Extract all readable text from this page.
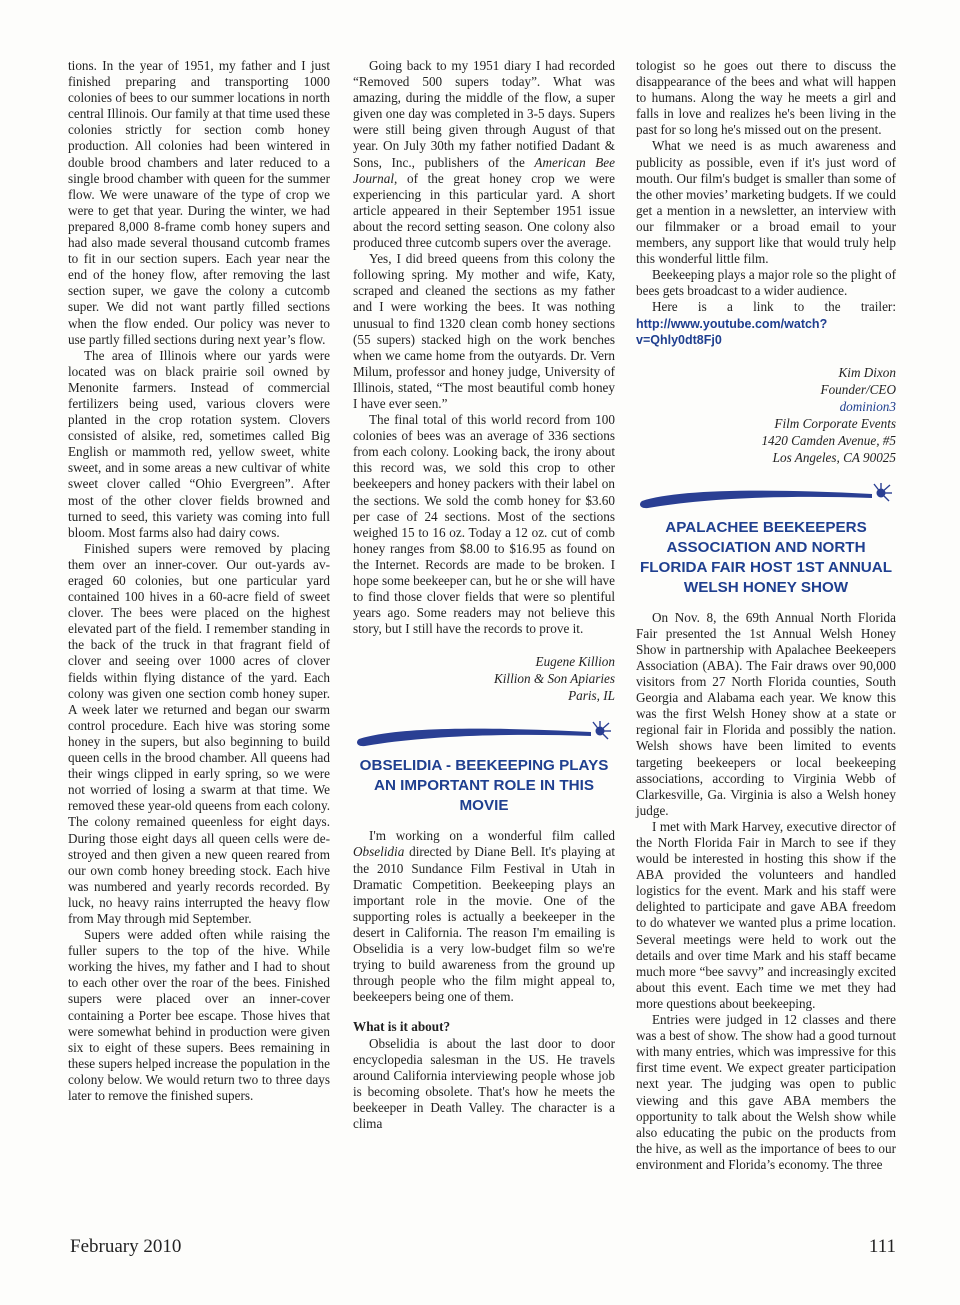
tions. In the year of 1951, my father and I just finished preparing and transporting 1000 colonies of bees to our summer locations in north central Illinois. Our family at that time used these colonies strictly for section comb honey production. All colonies had been wintered in double brood chambers and later reduced to a single brood chamber with queen for the summer flow. We were unaware of the type of crop we were to get that year. During the winter, we had prepared 8,000 8-frame comb honey supers and had also made several thousand cutcomb frames to fit in our section supers. Each year near the end of the honey flow, after removing the last section super, we gave the colony a cutcomb super. We did not want partly filled sections when the flow ended. Our policy was never to use partly filled sections during next year’s flow.

The area of Illinois where our yards were located was on black prairie soil owned by Menonite farmers. Instead of commercial fertilizers being used, various clovers were planted in the crop rotation system. Clovers consisted of alsike, red, sometimes called Big English or mammoth red, yellow sweet, white sweet, and in some areas a new cultivar of white sweet clover called “Ohio Evergreen”. After most of the other clover fields browned and turned to seed, this variety was coming into full bloom. Most farms also had dairy cows.

Finished supers were removed by placing them over an inner-cover. Our out-yards averaged 60 colonies, but one particular yard contained 100 hives in a 60-acre field of sweet clover. The bees were placed on the highest elevated part of the field. I remember standing in the back of the truck in that fragrant field of clover and seeing over 1000 acres of clover fields within flying distance of the yard. Each colony was given one section comb honey super. A week later we returned and began our swarm control procedure. Each hive was storing some honey in the supers, but also beginning to build queen cells in the brood chamber. All queens had their wings clipped in early spring, so we were not worried of losing a swarm at that time. We removed these year-old queens from each colony. The colony remained queenless for eight days. During those eight days all queen cells were destroyed and then given a new queen reared from our own comb honey breeding stock. Each hive was numbered and yearly records recorded. By luck, no heavy rains interrupted the heavy flow from May through mid September.

Supers were added often while raising the fuller supers to the top of the hive. While working the hives, my father and I had to shout to each other over the roar of the bees. Finished supers were placed over an inner-cover containing a Porter bee escape. Those hives that were somewhat behind in production were given six to eight of these supers. Bees remaining in these supers helped increase the population in the colony below. We would return two to three days later to remove the finished supers.

Going back to my 1951 diary I had recorded “Removed 500 supers today”. What was amazing, during the middle of the flow, a super given one day was completed in 3-5 days. Supers were still being given through August of that year. On July 30th my father notified Dadant & Sons, Inc., publishers of the American Bee Journal, of the great honey crop we were experiencing in this particular yard. A short article appeared in their September 1951 issue about the record setting season. One colony also produced three cutcomb supers over the average.

Yes, I did breed queens from this colony the following spring. My mother and wife, Katy, scraped and cleaned the sections as my father and I were working the bees. It was nothing unusual to find 1320 clean comb honey sections (55 supers) stacked high on the work benches when we came home from the outyards. Dr. Vern Milum, professor and honey judge, University of Illinois, stated, “The most beautiful comb honey I have ever seen.”

The final total of this world record from 100 colonies of bees was an average of 336 sections from each colony. Looking back, the irony about this record was, we sold this crop to other beekeepers and honey packers with their label on the sections. We sold the comb honey for $3.60 per case of 24 sections. Most of the sections weighed 15 to 16 oz. Today a 12 oz. cut of comb honey ranges from $8.00 to $16.95 as found on the Internet. Records are made to be broken. I hope some beekeeper can, but he or she will have to find those clover fields that were so plentiful years ago. Some readers may not believe this story, but I still have the records to prove it.

Eugene Killion
Killion & Son Apiaries
Paris, IL
OBSELIDIA - BEEKEEPING PLAYS AN IMPORTANT ROLE IN THIS MOVIE

I'm working on a wonderful film called Obselidia directed by Diane Bell. It's playing at the 2010 Sundance Film Festival in Utah in Dramatic Competition. Beekeeping plays an important role in the movie. One of the supporting roles is actually a beekeeper in the desert in California. The reason I'm emailing is Obselidia is a very low-budget film so we're trying to build awareness from the ground up through people who the film might appeal to, beekeepers being one of them.

What is it about?

Obselidia is about the last door to door encyclopedia salesman in the US. He travels around California interviewing people whose job is becoming obsolete. That's how he meets the beekeeper in Death Valley. The character is a clima

tologist so he goes out there to discuss the disappearance of the bees and what will happen to humans. Along the way he meets a girl and falls in love and realizes he's been living in the past for so long he's missed out on the present.

What we need is as much awareness and publicity as possible, even if it's just word of mouth. Our film's budget is smaller than some of the other movies’ marketing budgets. If we could get a mention in a newsletter, an interview with our filmmaker or a broad email to your members, any support like that would truly help this wonderful little film.

Beekeeping plays a major role so the plight of bees gets broadcast to a wider audience.

Here is a link to the trailer: http://www.youtube.com/watch?v=Qhly0dt8Fj0

Kim Dixon
Founder/CEO
dominion3
Film Corporate Events
1420 Camden Avenue, #5
Los Angeles, CA 90025
APALACHEE BEEKEEPERS ASSOCIATION AND NORTH FLORIDA FAIR HOST 1ST ANNUAL WELSH HONEY SHOW

On Nov. 8, the 69th Annual North Florida Fair presented the 1st Annual Welsh Honey Show in partnership with Apalachee Beekeepers Association (ABA). The Fair draws over 90,000 visitors from 27 North Florida counties, South Georgia and Alabama each year. We know this was the first Welsh Honey show at a state or regional fair in Florida and possibly the nation. Welsh shows have been limited to events targeting beekeepers or local beekeeping associations, according to Virginia Webb of Clarkesville, Ga. Virginia is also a Welsh honey judge.

I met with Mark Harvey, executive director of the North Florida Fair in March to see if they would be interested in hosting this show if the ABA provided the volunteers and handled logistics for the event. Mark and his staff were delighted to participate and gave ABA freedom to do whatever we wanted plus a prime location. Several meetings were held to work out the details and over time Mark and his staff became much more “bee savvy” and increasingly excited about this event. Each time we met they had more questions about beekeeping.

Entries were judged in 12 classes and there was a best of show. The show had a good turnout with many entries, which was impressive for this first time event. We expect greater participation next year. The judging was open to public viewing and this gave ABA members the opportunity to talk about the Welsh show while also educating the pubic on the products from the hive, as well as the importance of bees to our environment and Florida’s economy. The three

February 2010	111
